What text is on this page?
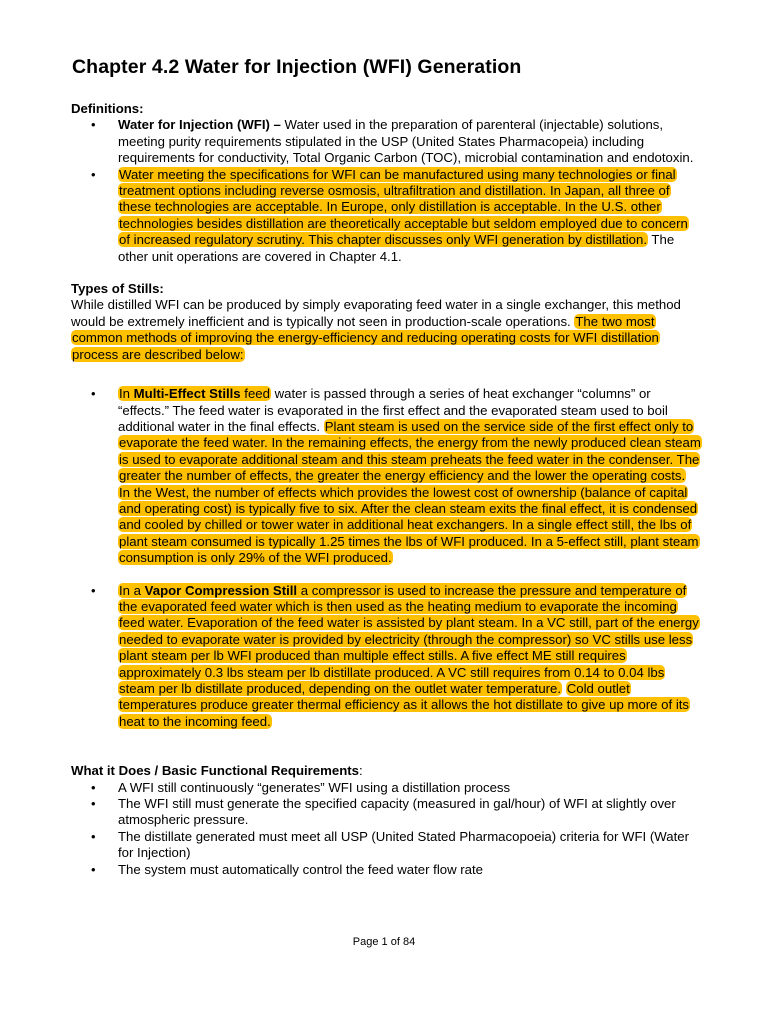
Chapter 4.2 Water for Injection (WFI) Generation
Definitions:
• Water for Injection (WFI) – Water used in the preparation of parenteral (injectable) solutions, meeting purity requirements stipulated in the USP (United States Pharmacopeia) including requirements for conductivity, Total Organic Carbon (TOC), microbial contamination and endotoxin.
• Water meeting the specifications for WFI can be manufactured using many technologies or final treatment options including reverse osmosis, ultrafiltration and distillation. In Japan, all three of these technologies are acceptable. In Europe, only distillation is acceptable. In the U.S. other technologies besides distillation are theoretically acceptable but seldom employed due to concern of increased regulatory scrutiny. This chapter discusses only WFI generation by distillation. The other unit operations are covered in Chapter 4.1.
Types of Stills:
While distilled WFI can be produced by simply evaporating feed water in a single exchanger, this method would be extremely inefficient and is typically not seen in production-scale operations. The two most common methods of improving the energy-efficiency and reducing operating costs for WFI distillation process are described below:
• In Multi-Effect Stills feed water is passed through a series of heat exchanger “columns” or “effects.” The feed water is evaporated in the first effect and the evaporated steam used to boil additional water in the final effects. Plant steam is used on the service side of the first effect only to evaporate the feed water. In the remaining effects, the energy from the newly produced clean steam is used to evaporate additional steam and this steam preheats the feed water in the condenser. The greater the number of effects, the greater the energy efficiency and the lower the operating costs. In the West, the number of effects which provides the lowest cost of ownership (balance of capital and operating cost) is typically five to six. After the clean steam exits the final effect, it is condensed and cooled by chilled or tower water in additional heat exchangers. In a single effect still, the lbs of plant steam consumed is typically 1.25 times the lbs of WFI produced. In a 5-effect still, plant steam consumption is only 29% of the WFI produced.
• In a Vapor Compression Still a compressor is used to increase the pressure and temperature of the evaporated feed water which is then used as the heating medium to evaporate the incoming feed water. Evaporation of the feed water is assisted by plant steam. In a VC still, part of the energy needed to evaporate water is provided by electricity (through the compressor) so VC stills use less plant steam per lb WFI produced than multiple effect stills. A five effect ME still requires approximately 0.3 lbs steam per lb distillate produced. A VC still requires from 0.14 to 0.04 lbs steam per lb distillate produced, depending on the outlet water temperature. Cold outlet temperatures produce greater thermal efficiency as it allows the hot distillate to give up more of its heat to the incoming feed.
What it Does / Basic Functional Requirements:
• A WFI still continuously “generates” WFI using a distillation process
• The WFI still must generate the specified capacity (measured in gal/hour) of WFI at slightly over atmospheric pressure.
• The distillate generated must meet all USP (United Stated Pharmacopoeia) criteria for WFI (Water for Injection)
• The system must automatically control the feed water flow rate
Page 1 of 84
